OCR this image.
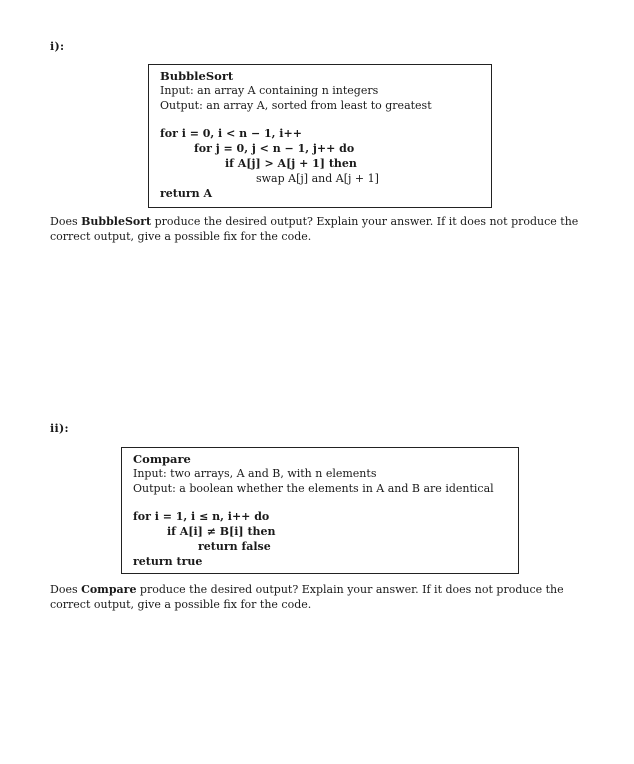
i):
BubbleSort
Input: an array A containing n integers
Output: an array A, sorted from least to greatest
for i = 0, i < n − 1, i++
for j = 0, j < n − 1, j++ do
if A[j] > A[j + 1] then
swap A[j] and A[j + 1]
return A
Does BubbleSort produce the desired output? Explain your answer. If it does not produce the correct output, give a possible fix for the code.
ii):
Compare
Input: two arrays, A and B, with n elements
Output: a boolean whether the elements in A and B are identical
for i = 1, i ≤ n, i++ do
if A[i] ≠ B[i] then
return false
return true
Does Compare produce the desired output? Explain your answer. If it does not produce the correct output, give a possible fix for the code.
